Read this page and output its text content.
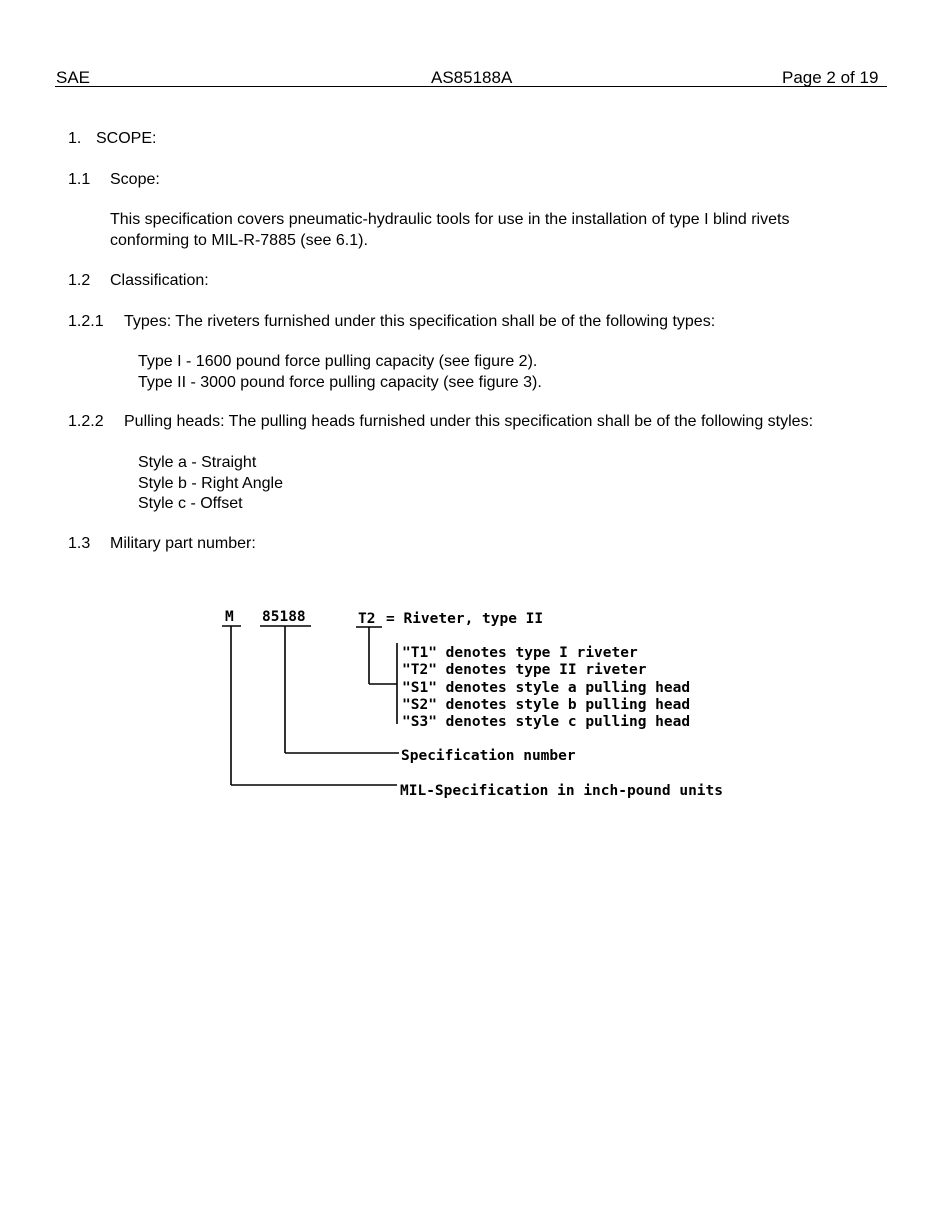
SAE	AS85188A	Page 2 of 19
1. SCOPE:
1.1 Scope:
This specification covers pneumatic-hydraulic tools for use in the installation of type I blind rivets
conforming to MIL-R-7885 (see 6.1).
1.2 Classification:
1.2.1 Types: The riveters furnished under this specification shall be of the following types:
Type I - 1600 pound force pulling capacity (see figure 2).
Type II - 3000 pound force pulling capacity (see figure 3).
1.2.2 Pulling heads: The pulling heads furnished under this specification shall be of the following styles:
Style a - Straight
Style b - Right Angle
Style c - Offset
1.3 Military part number:
M 85188	T2 = Riveter, type II
"T1" denotes type I riveter
"T2" denotes type II riveter
"S1" denotes style a pulling head
"S2" denotes style b pulling head
"S3" denotes style c pulling head
Specification number
MIL-Specification in inch-pound units
